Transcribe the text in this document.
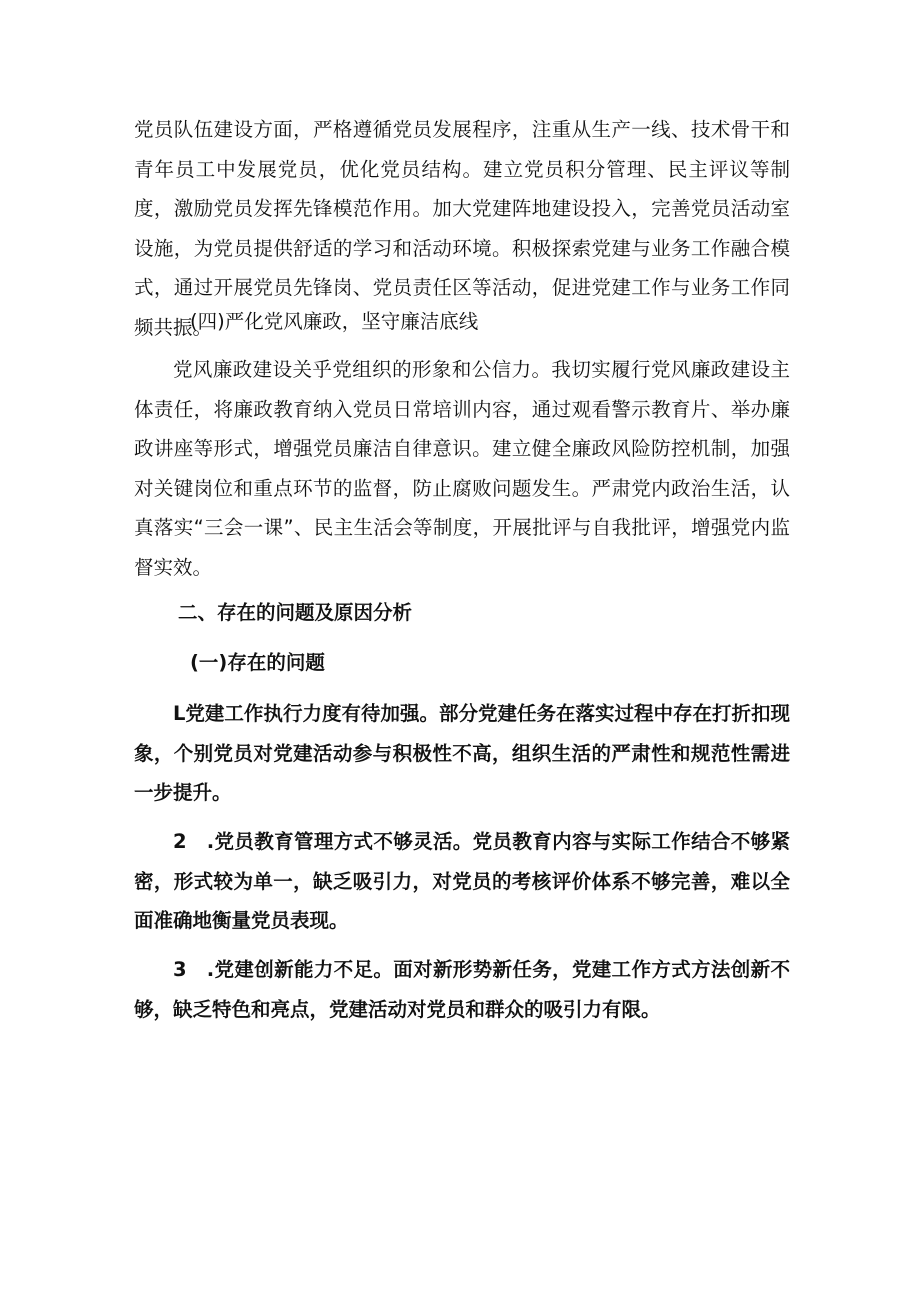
党员队伍建设方面，严格遵循党员发展程序，注重从生产一线、技术骨干和青年员工中发展党员，优化党员结构。建立党员积分管理、民主评议等制度，激励党员发挥先锋模范作用。加大党建阵地建设投入，完善党员活动室设施，为党员提供舒适的学习和活动环境。积极探索党建与业务工作融合模式，通过开展党员先锋岗、党员责任区等活动，促进党建工作与业务工作同频共振。

(四)严化党风廉政，坚守廉洁底线

党风廉政建设关乎党组织的形象和公信力。我切实履行党风廉政建设主体责任，将廉政教育纳入党员日常培训内容，通过观看警示教育片、举办廉政讲座等形式，增强党员廉洁自律意识。建立健全廉政风险防控机制，加强对关键岗位和重点环节的监督，防止腐败问题发生。严肃党内政治生活，认真落实“三会一课”、民主生活会等制度，开展批评与自我批评，增强党内监督实效。

二、存在的问题及原因分析

(一)存在的问题

L党建工作执行力度有待加强。部分党建任务在落实过程中存在打折扣现象，个别党员对党建活动参与积极性不高，组织生活的严肃性和规范性需进一步提升。

2　.党员教育管理方式不够灵活。党员教育内容与实际工作结合不够紧密，形式较为单一，缺乏吸引力，对党员的考核评价体系不够完善，难以全面准确地衡量党员表现。

3　.党建创新能力不足。面对新形势新任务，党建工作方式方法创新不够，缺乏特色和亮点，党建活动对党员和群众的吸引力有限。
